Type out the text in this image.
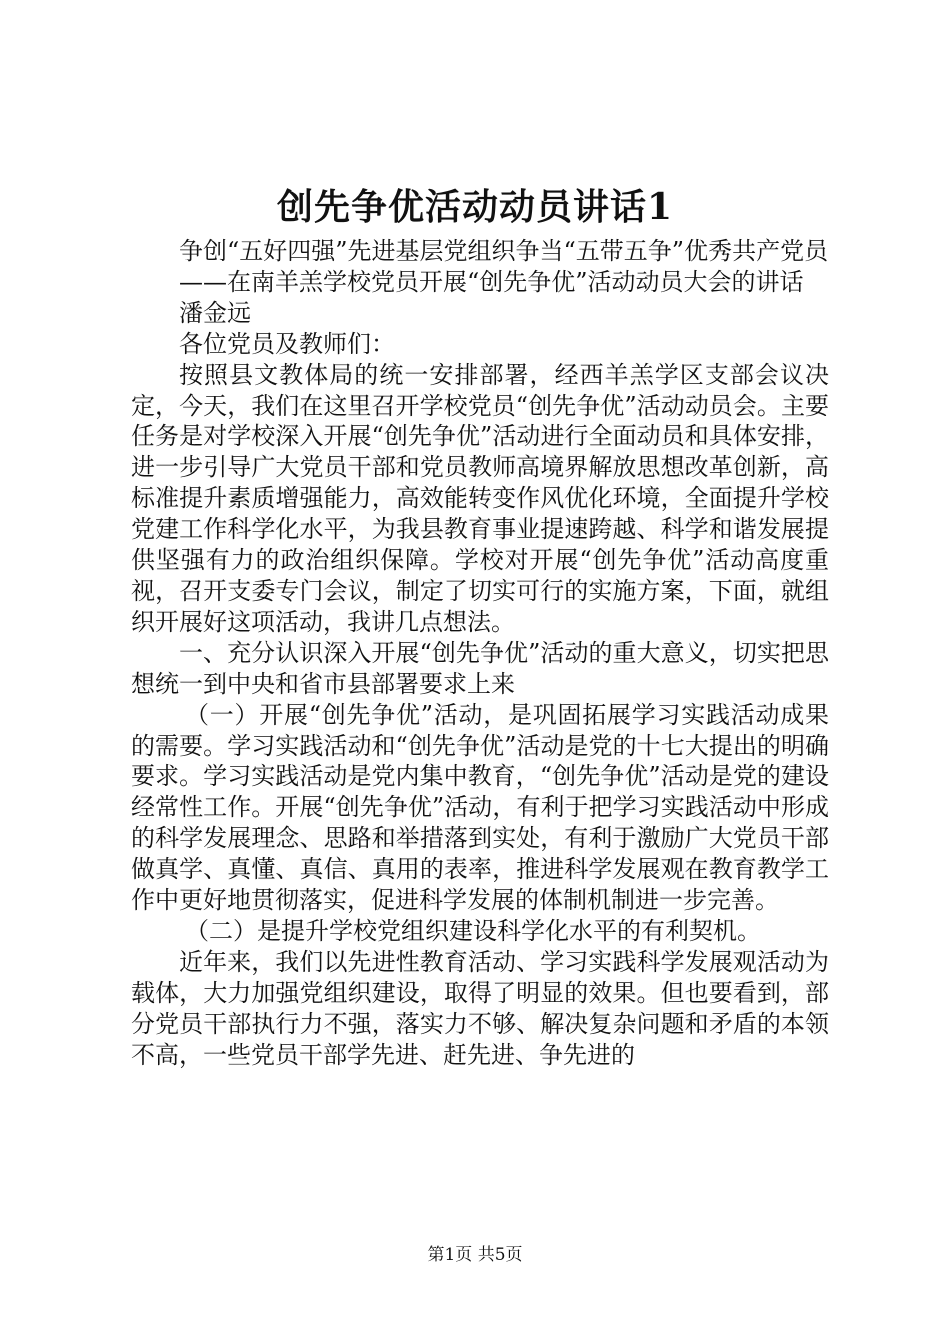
创先争优活动动员讲话1

争创“五好四强”先进基层党组织争当“五带五争”优秀共产党员

——在南羊羔学校党员开展“创先争优”活动动员大会的讲话

潘金远

各位党员及教师们：

按照县文教体局的统一安排部署，经西羊羔学区支部会议决定，今天，我们在这里召开学校党员“创先争优”活动动员会。主要任务是对学校深入开展“创先争优”活动进行全面动员和具体安排，进一步引导广大党员干部和党员教师高境界解放思想改革创新，高标准提升素质增强能力，高效能转变作风优化环境，全面提升学校党建工作科学化水平，为我县教育事业提速跨越、科学和谐发展提供坚强有力的政治组织保障。学校对开展“创先争优”活动高度重视，召开支委专门会议，制定了切实可行的实施方案，下面，就组织开展好这项活动，我讲几点想法。

一、充分认识深入开展“创先争优”活动的重大意义，切实把思想统一到中央和省市县部署要求上来

（一）开展“创先争优”活动，是巩固拓展学习实践活动成果的需要。学习实践活动和“创先争优”活动是党的十七大提出的明确要求。学习实践活动是党内集中教育，“创先争优”活动是党的建设经常性工作。开展“创先争优”活动，有利于把学习实践活动中形成的科学发展理念、思路和举措落到实处，有利于激励广大党员干部做真学、真懂、真信、真用的表率，推进科学发展观在教育教学工作中更好地贯彻落实，促进科学发展的体制机制进一步完善。

（二）是提升学校党组织建设科学化水平的有利契机。

近年来，我们以先进性教育活动、学习实践科学发展观活动为载体，大力加强党组织建设，取得了明显的效果。但也要看到，部分党员干部执行力不强，落实力不够、解决复杂问题和矛盾的本领不高，一些党员干部学先进、赶先进、争先进的

第1页 共5页
